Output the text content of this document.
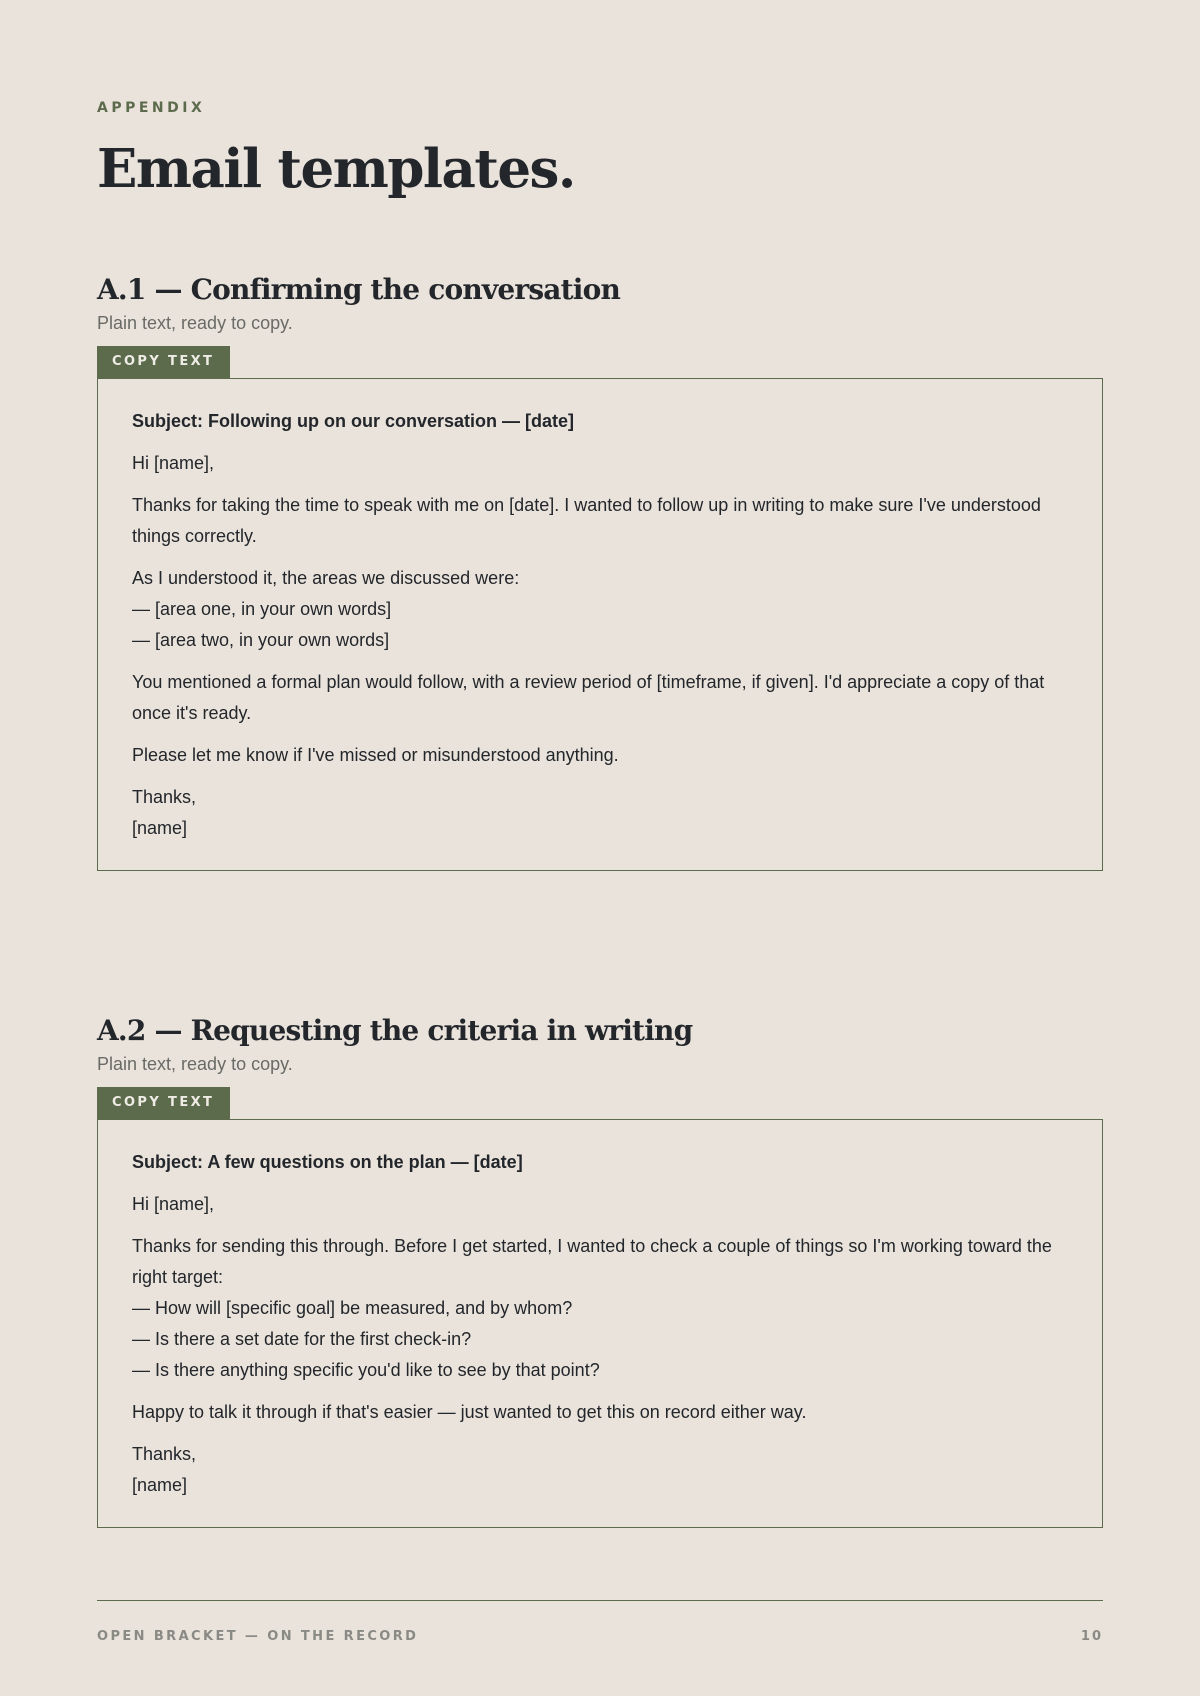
APPENDIX
Email templates.
A.1 — Confirming the conversation
Plain text, ready to copy.
COPY TEXT

Subject: Following up on our conversation — [date]

Hi [name],

Thanks for taking the time to speak with me on [date]. I wanted to follow up in writing to make sure I've understood things correctly.

As I understood it, the areas we discussed were:
— [area one, in your own words]
— [area two, in your own words]

You mentioned a formal plan would follow, with a review period of [timeframe, if given]. I'd appreciate a copy of that once it's ready.

Please let me know if I've missed or misunderstood anything.

Thanks,
[name]

A.2 — Requesting the criteria in writing
Plain text, ready to copy.
COPY TEXT

Subject: A few questions on the plan — [date]

Hi [name],

Thanks for sending this through. Before I get started, I wanted to check a couple of things so I'm working toward the right target:
— How will [specific goal] be measured, and by whom?
— Is there a set date for the first check-in?
— Is there anything specific you'd like to see by that point?

Happy to talk it through if that's easier — just wanted to get this on record either way.

Thanks,
[name]

OPEN BRACKET — ON THE RECORD	10
